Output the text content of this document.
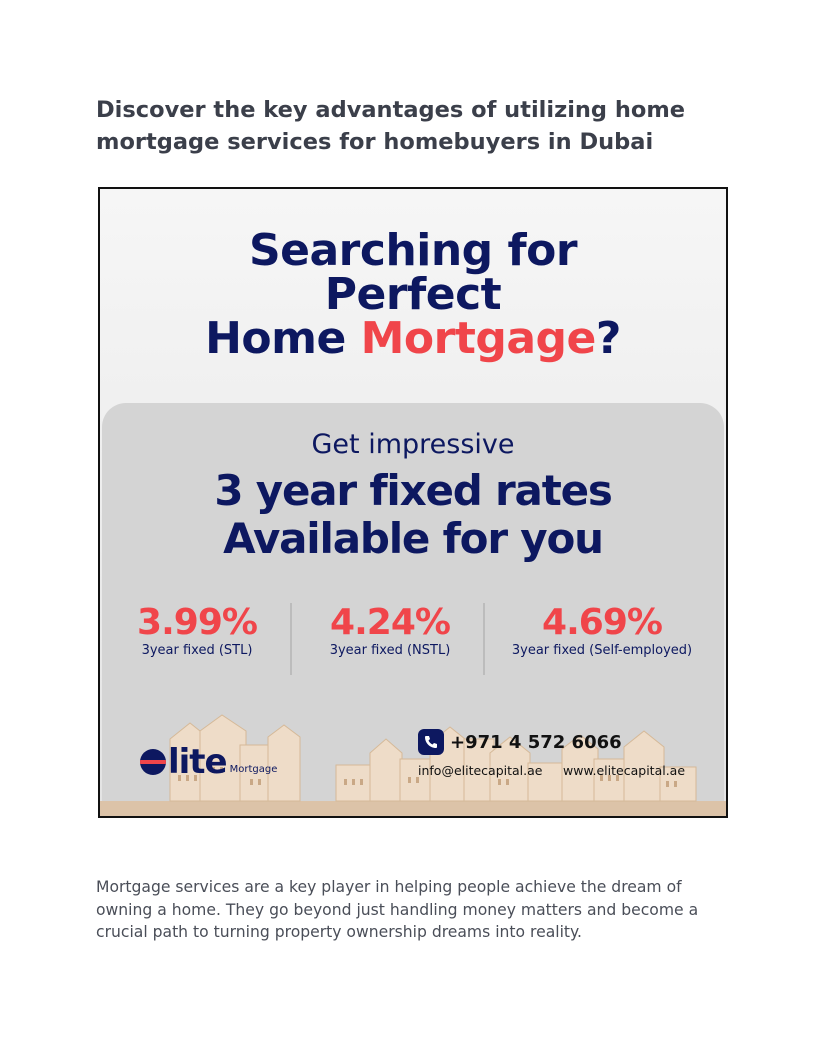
Discover the key advantages of utilizing home mortgage services for homebuyers in Dubai
Searching for
Perfect
Home Mortgage?
Get impressive
3 year fixed rates
Available for you
3.99%
3year fixed (STL)
4.24%
3year fixed (NSTL)
4.69%
3year fixed (Self-employed)
lite Mortgage
+971 4 572 6066
info@elitecapital.ae www.elitecapital.ae

Mortgage services are a key player in helping people achieve the dream of owning a home. They go beyond just handling money matters and become a crucial path to turning property ownership dreams into reality.
